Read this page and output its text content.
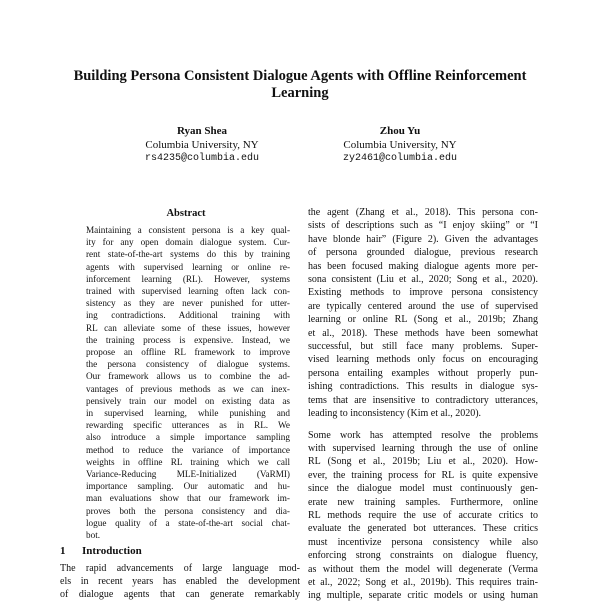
Building Persona Consistent Dialogue Agents with Offline Reinforcement
Learning
Ryan Shea
Columbia University, NY
rs4235@columbia.edu
Zhou Yu
Columbia University, NY
zy2461@columbia.edu
Abstract
Maintaining a consistent persona is a key qual-
ity for any open domain dialogue system. Cur-
rent state-of-the-art systems do this by training
agents with supervised learning or online re-
inforcement learning (RL). However, systems
trained with supervised learning often lack con-
sistency as they are never punished for utter-
ing contradictions. Additional training with
RL can alleviate some of these issues, however
the training process is expensive. Instead, we
propose an offline RL framework to improve
the persona consistency of dialogue systems.
Our framework allows us to combine the ad-
vantages of previous methods as we can inex-
pensively train our model on existing data as
in supervised learning, while punishing and
rewarding specific utterances as in RL. We
also introduce a simple importance sampling
method to reduce the variance of importance
weights in offline RL training which we call
Variance-Reducing MLE-Initialized (VaRMI)
importance sampling. Our automatic and hu-
man evaluations show that our framework im-
proves both the persona consistency and dia-
logue quality of a state-of-the-art social chat-
bot.
1 Introduction
The rapid advancements of large language mod-
els in recent years has enabled the development
of dialogue agents that can generate remarkably
the agent (Zhang et al., 2018). This persona con-
sists of descriptions such as “I enjoy skiing” or “I
have blonde hair” (Figure 2). Given the advantages
of persona grounded dialogue, previous research
has been focused making dialogue agents more per-
sona consistent (Liu et al., 2020; Song et al., 2020).
Existing methods to improve persona consistency
are typically centered around the use of supervised
learning or online RL (Song et al., 2019b; Zhang
et al., 2018). These methods have been somewhat
successful, but still face many problems. Super-
vised learning methods only focus on encouraging
persona entailing examples without properly pun-
ishing contradictions. This results in dialogue sys-
tems that are insensitive to contradictory utterances,
leading to inconsistency (Kim et al., 2020).
Some work has attempted resolve the problems
with supervised learning through the use of online
RL (Song et al., 2019b; Liu et al., 2020). How-
ever, the training process for RL is quite expensive
since the dialogue model must continuously gen-
erate new training samples. Furthermore, online
RL methods require the use of accurate critics to
evaluate the generated bot utterances. These critics
must incentivize persona consistency while also
enforcing strong constraints on dialogue fluency,
as without them the model will degenerate (Verma
et al., 2022; Song et al., 2019b). This requires train-
ing multiple, separate critic models or using human
